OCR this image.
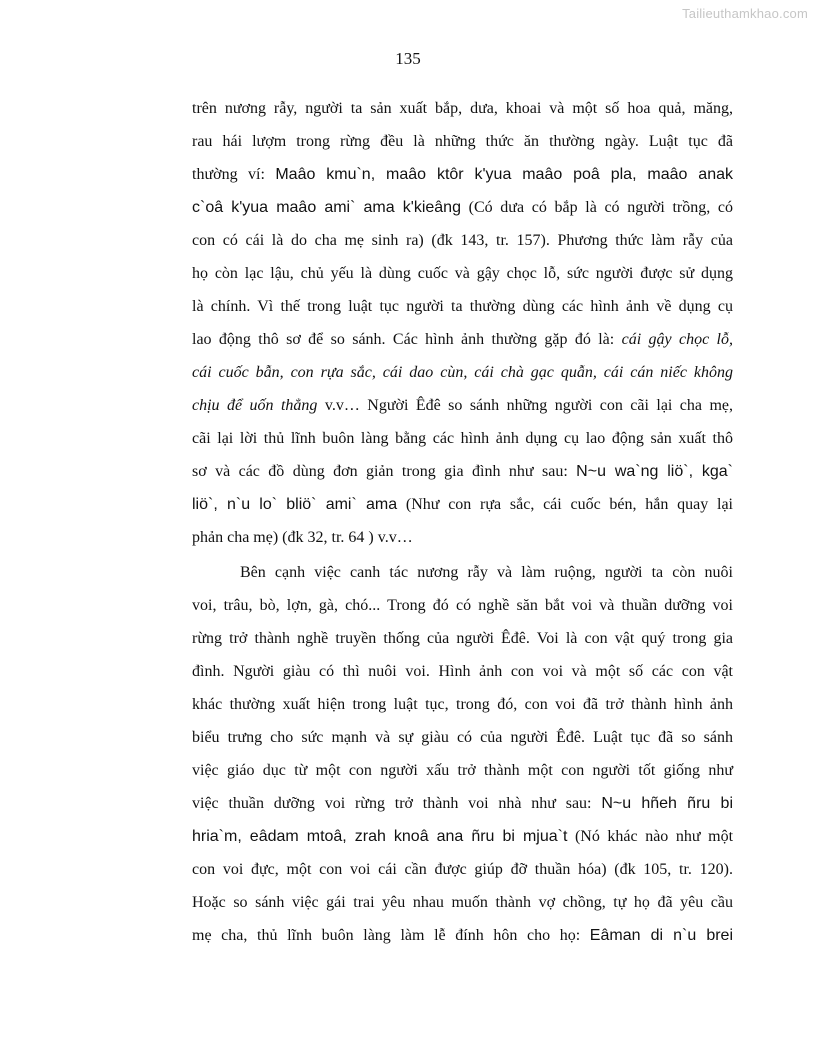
Tailieuthamkhao.com
135
trên nương rẫy, người ta sản xuất bắp, dưa, khoai và một số hoa quả, măng,
rau hái lượm trong rừng đều là những thức ăn thường ngày. Luật tục đã
thường ví: Maâo kmu`n, maâo ktôr k'yua maâo poâ pla, maâo anak
c`oâ k'yua maâo ami` ama k'kieâng (Có dưa có bắp là có người trồng, có
con có cái là do cha mẹ sinh ra) (đk 143, tr. 157). Phương thức làm rẫy của
họ còn lạc lậu, chủ yếu là dùng cuốc và gậy chọc lỗ, sức người được sử dụng
là chính. Vì thế trong luật tục người ta thường dùng các hình ảnh về dụng cụ
lao động thô sơ để so sánh. Các hình ảnh thường gặp đó là: cái gậy chọc lỗ,
cái cuốc bẫn, con rựa sắc, cái dao cùn, cái chà gạc quẫn, cái cán niếc không
chịu để uốn thẳng v.v… Người Êđê so sánh những người con cãi lại cha mẹ,
cãi lại lời thủ lĩnh buôn làng bằng các hình ảnh dụng cụ lao động sản xuất thô
sơ và các đồ dùng đơn giản trong gia đình như sau: N~u wa`ng liö`, kga`
liö`, n`u lo` bliö` ami` ama (Như con rựa sắc, cái cuốc bén, hắn quay lại
phản cha mẹ) (đk 32, tr. 64 ) v.v…
Bên cạnh việc canh tác nương rẫy và làm ruộng, người ta còn nuôi
voi, trâu, bò, lợn, gà, chó... Trong đó có nghề săn bắt voi và thuần dưỡng voi
rừng trở thành nghề truyền thống của người Êđê. Voi là con vật quý trong gia
đình. Người giàu có thì nuôi voi. Hình ảnh con voi và một số các con vật
khác thường xuất hiện trong luật tục, trong đó, con voi đã trở thành hình ảnh
biểu trưng cho sức mạnh và sự giàu có của người Êđê. Luật tục đã so sánh
việc giáo dục từ một con người xấu trở thành một con người tốt giống như
việc thuần dưỡng voi rừng trở thành voi nhà như sau: N~u hñeh ñru bi
hria`m, eâdam mtoâ, zrah knoâ ana ñru bi mjua`t (Nó khác nào như một
con voi đực, một con voi cái cần được giúp đỡ thuần hóa) (đk 105, tr. 120).
Hoặc so sánh việc gái trai yêu nhau muốn thành vợ chồng, tự họ đã yêu cầu
mẹ cha, thủ lĩnh buôn làng làm lễ đính hôn cho họ: Eâman di n`u brei
